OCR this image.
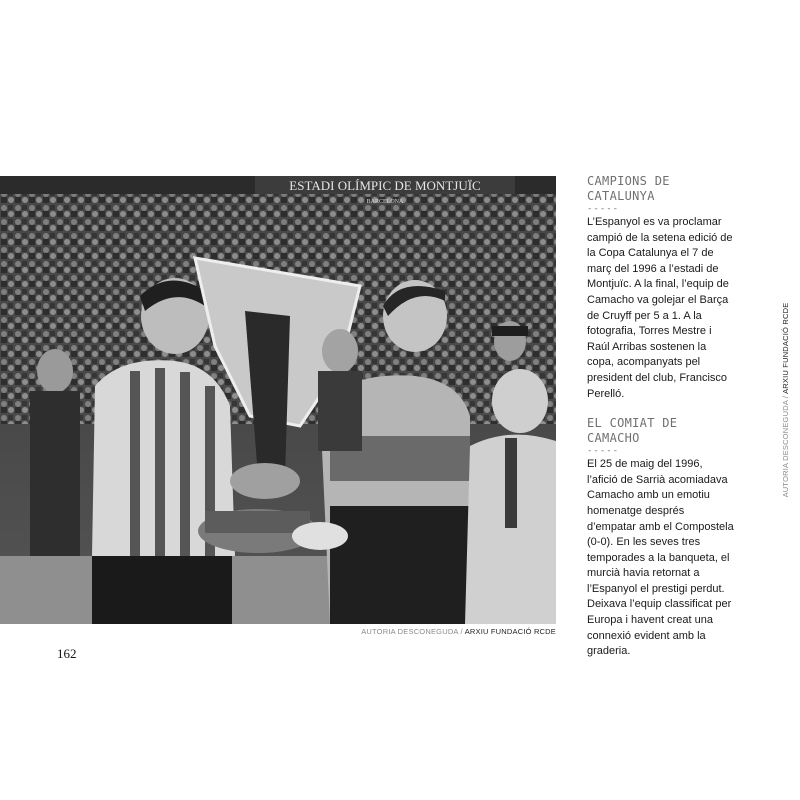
ESTADI OLÍMPIC DE MONTJUÏC
BARCELONA
AUTORIA DESCONEGUDA / ARXIU FUNDACIÓ RCDE
162
CAMPIONS DE
CATALUNYA
-----

L’Espanyol es va proclamar campió de la setena edició de la Copa Catalunya el 7 de març del 1996 a l’estadi de Montjuïc. A la final, l’equip de Camacho va golejar el Barça de Cruyff per 5 a 1. A la fotografia, Torres Mestre i Raúl Arribas sostenen la copa, acompanyats pel president del club, Francisco Perelló.

EL COMIAT DE CAMACHO
-----

El 25 de maig del 1996, l’afició de Sarrià acomiadava Camacho amb un emotiu homenatge després d’empatar amb el Compostela (0-0). En les seves tres temporades a la banqueta, el murcià havia retornat a l’Espanyol el prestigi perdut. Deixava l’equip classificat per Europa i havent creat una connexió evident amb la graderia.

AUTORIA DESCONEGUDA / ARXIU FUNDACIÓ RCDE
